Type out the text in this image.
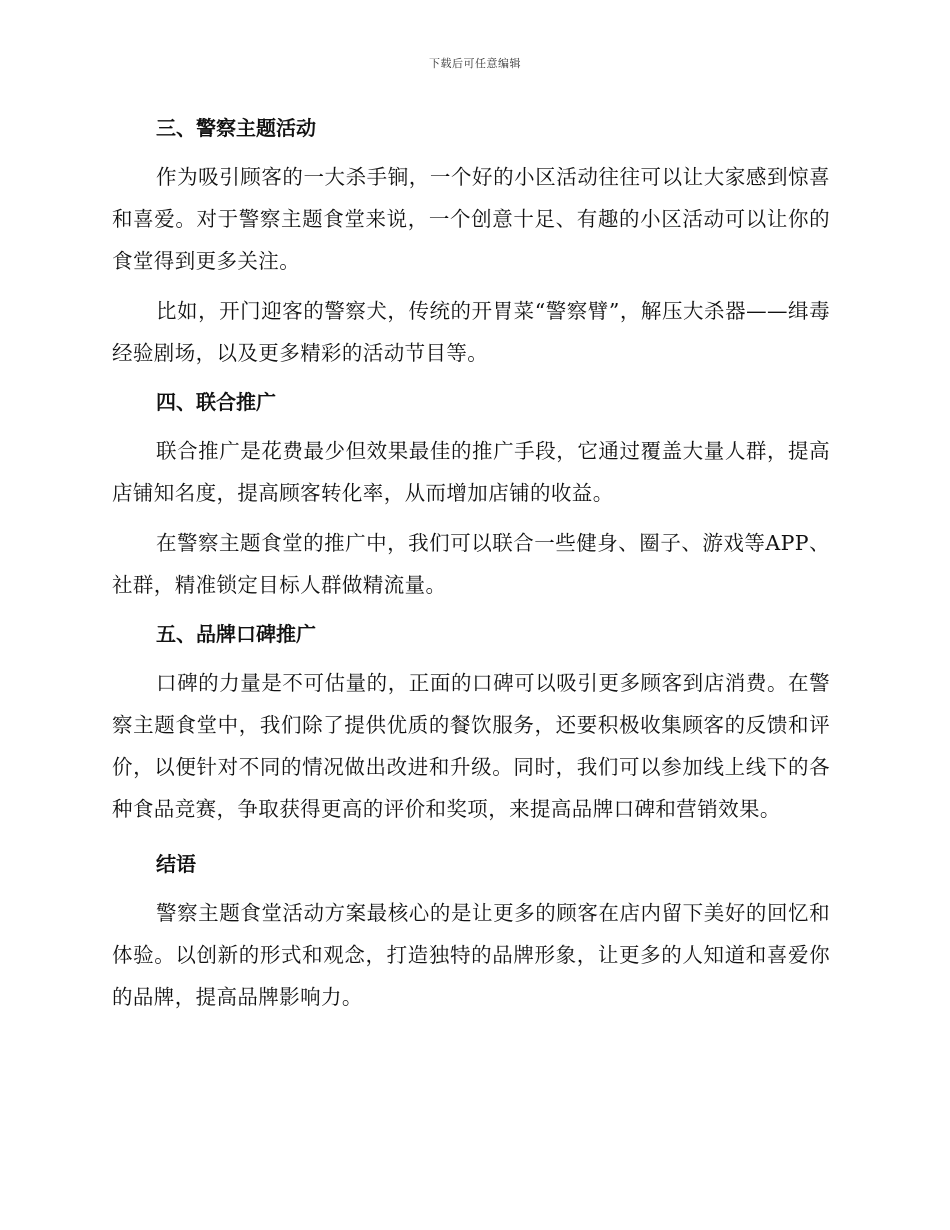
下载后可任意编辑
三、警察主题活动

作为吸引顾客的一大杀手锏，一个好的小区活动往往可以让大家感到惊喜和喜爱。对于警察主题食堂来说，一个创意十足、有趣的小区活动可以让你的食堂得到更多关注。

比如，开门迎客的警察犬，传统的开胃菜“警察臂”，解压大杀器——缉毒经验剧场，以及更多精彩的活动节目等。

四、联合推广

联合推广是花费最少但效果最佳的推广手段，它通过覆盖大量人群，提高店铺知名度，提高顾客转化率，从而增加店铺的收益。

在警察主题食堂的推广中，我们可以联合一些健身、圈子、游戏等APP、社群，精准锁定目标人群做精流量。

五、品牌口碑推广

口碑的力量是不可估量的，正面的口碑可以吸引更多顾客到店消费。在警察主题食堂中，我们除了提供优质的餐饮服务，还要积极收集顾客的反馈和评价，以便针对不同的情况做出改进和升级。同时，我们可以参加线上线下的各种食品竞赛，争取获得更高的评价和奖项，来提高品牌口碑和营销效果。

结语

警察主题食堂活动方案最核心的是让更多的顾客在店内留下美好的回忆和体验。以创新的形式和观念，打造独特的品牌形象，让更多的人知道和喜爱你的品牌，提高品牌影响力。
